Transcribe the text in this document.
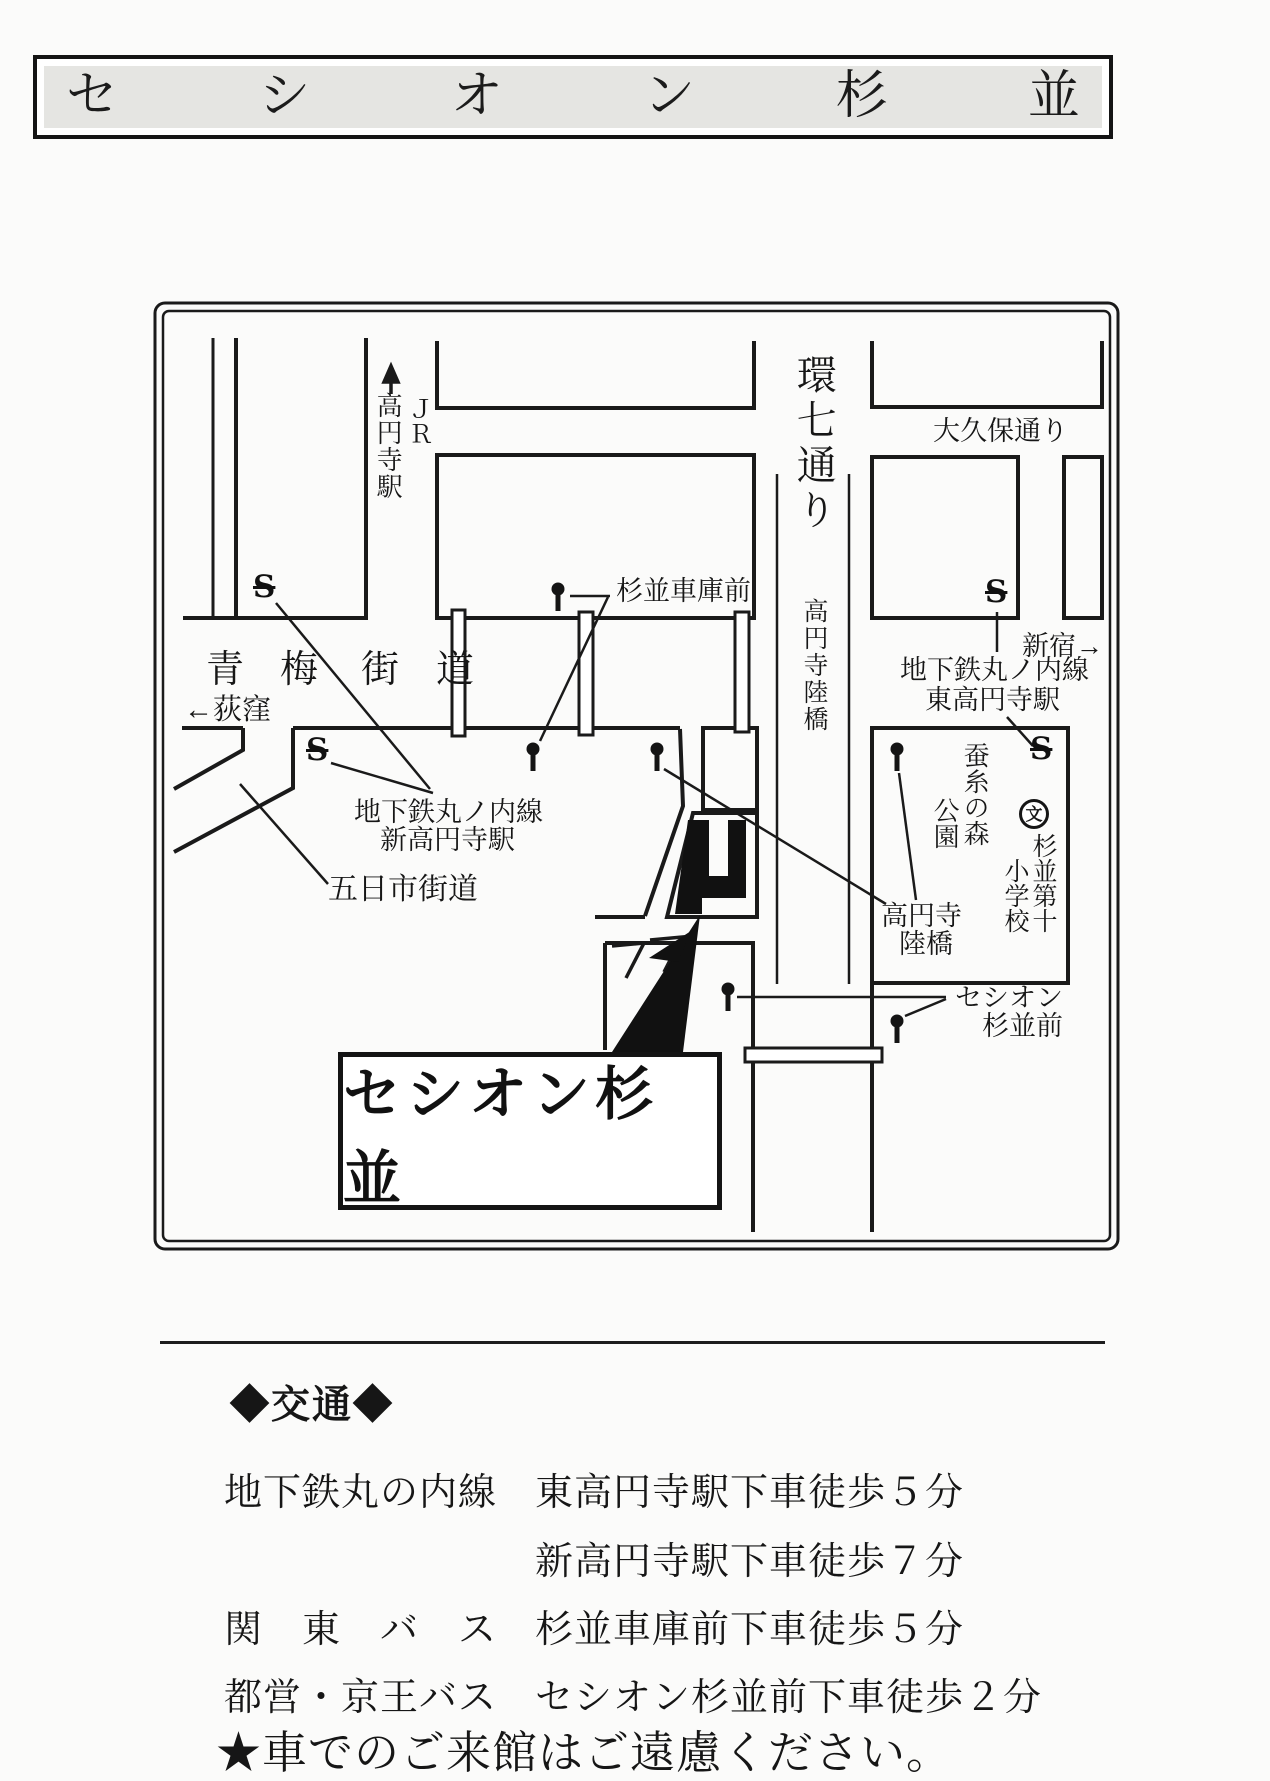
セ	シ	オ	ン	杉	並
環七通り
高円寺陸橋
大久保通り
青 梅 街 道
←荻窪
新宿→
高円寺駅 ＪＲ
杉並車庫前
地下鉄丸ノ内線
新高円寺駅
地下鉄丸ノ内線
東高円寺駅
五日市街道
蚕糸の森
公園	文
杉並第十
小学校
高円寺
陸橋
セシオン
杉並前
S
S
S
S
セシオン杉並
◆交通◆
地下鉄丸の内線 東高円寺駅下車徒歩５分
新高円寺駅下車徒歩７分
関　東　バ　ス 杉並車庫前下車徒歩５分
都営・京王バス セシオン杉並前下車徒歩２分
★車でのご来館はご遠慮ください。
